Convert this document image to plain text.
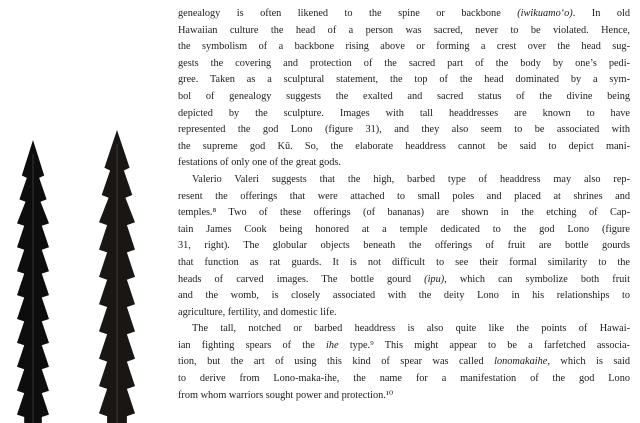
genealogy is often likened to the spine or backbone (iwikuamo‘o). In old
Hawaiian culture the head of a person was sacred, never to be violated. Hence,
the symbolism of a backbone rising above or forming a crest over the head sug-
gests the covering and protection of the sacred part of the body by one’s pedi-
gree. Taken as a sculptural statement, the top of the head dominated by a sym-
bol of genealogy suggests the exalted and sacred status of the divine being
depicted by the sculpture. Images with tall headdresses are known to have
represented the god Lono (figure 31), and they also seem to be associated with
the supreme god Kū. So, the elaborate headdress cannot be said to depict mani-
festations of only one of the great gods.
Valerio Valeri suggests that the high, barbed type of headdress may also rep-
resent the offerings that were attached to small poles and placed at shrines and
temples.⁸ Two of these offerings (of bananas) are shown in the etching of Cap-
tain James Cook being honored at a temple dedicated to the god Lono (figure
31, right). The globular objects beneath the offerings of fruit are bottle gourds
that function as rat guards. It is not difficult to see their formal similarity to the
heads of carved images. The bottle gourd (ipu), which can symbolize both fruit
and the womb, is closely associated with the deity Lono in his relationships to
agriculture, fertility, and domestic life.
The tall, notched or barbed headdress is also quite like the points of Hawai-
ian fighting spears of the ihe type.⁹ This might appear to be a farfetched associa-
tion, but the art of using this kind of spear was called lonomakaihe, which is said
to derive from Lono-maka-ihe, the name for a manifestation of the god Lono
from whom warriors sought power and protection.¹⁰
